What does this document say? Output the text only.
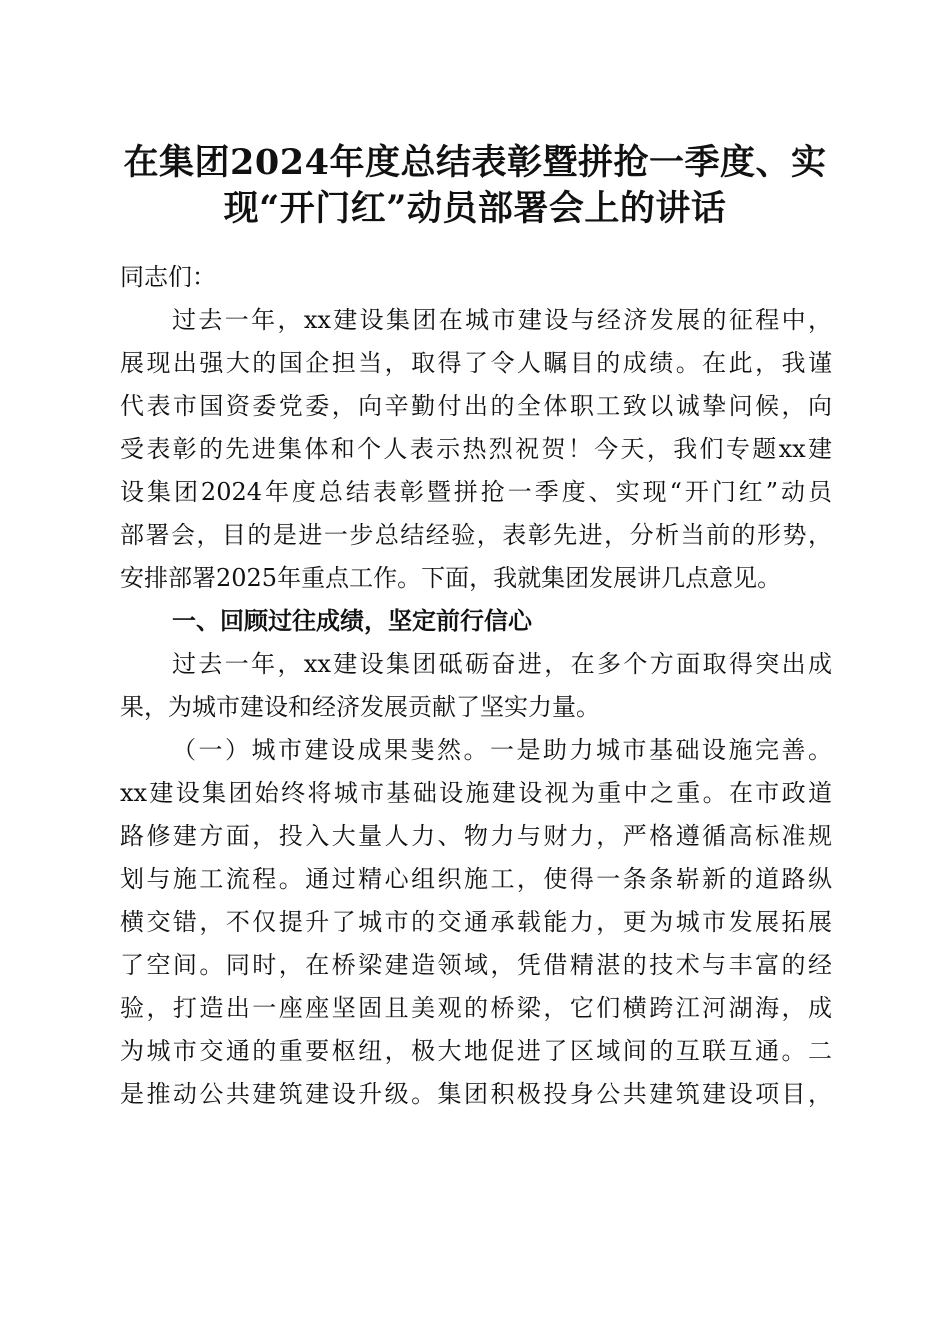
在集团2024年度总结表彰暨拼抢一季度、实
现“开门红”动员部署会上的讲话
同志们：
过去一年，xx建设集团在城市建设与经济发展的征程中，
展现出强大的国企担当，取得了令人瞩目的成绩。在此，我谨
代表市国资委党委，向辛勤付出的全体职工致以诚挚问候，向
受表彰的先进集体和个人表示热烈祝贺！今天，我们专题xx建
设集团2024年度总结表彰暨拼抢一季度、实现“开门红”动员
部署会，目的是进一步总结经验，表彰先进，分析当前的形势，
安排部署2025年重点工作。下面，我就集团发展讲几点意见。
一、回顾过往成绩，坚定前行信心
过去一年，xx建设集团砥砺奋进，在多个方面取得突出成
果，为城市建设和经济发展贡献了坚实力量。
（一）城市建设成果斐然。一是助力城市基础设施完善。
xx建设集团始终将城市基础设施建设视为重中之重。在市政道
路修建方面，投入大量人力、物力与财力，严格遵循高标准规
划与施工流程。通过精心组织施工，使得一条条崭新的道路纵
横交错，不仅提升了城市的交通承载能力，更为城市发展拓展
了空间。同时，在桥梁建造领域，凭借精湛的技术与丰富的经
验，打造出一座座坚固且美观的桥梁，它们横跨江河湖海，成
为城市交通的重要枢纽，极大地促进了区域间的互联互通。二
是推动公共建筑建设升级。集团积极投身公共建筑建设项目，
